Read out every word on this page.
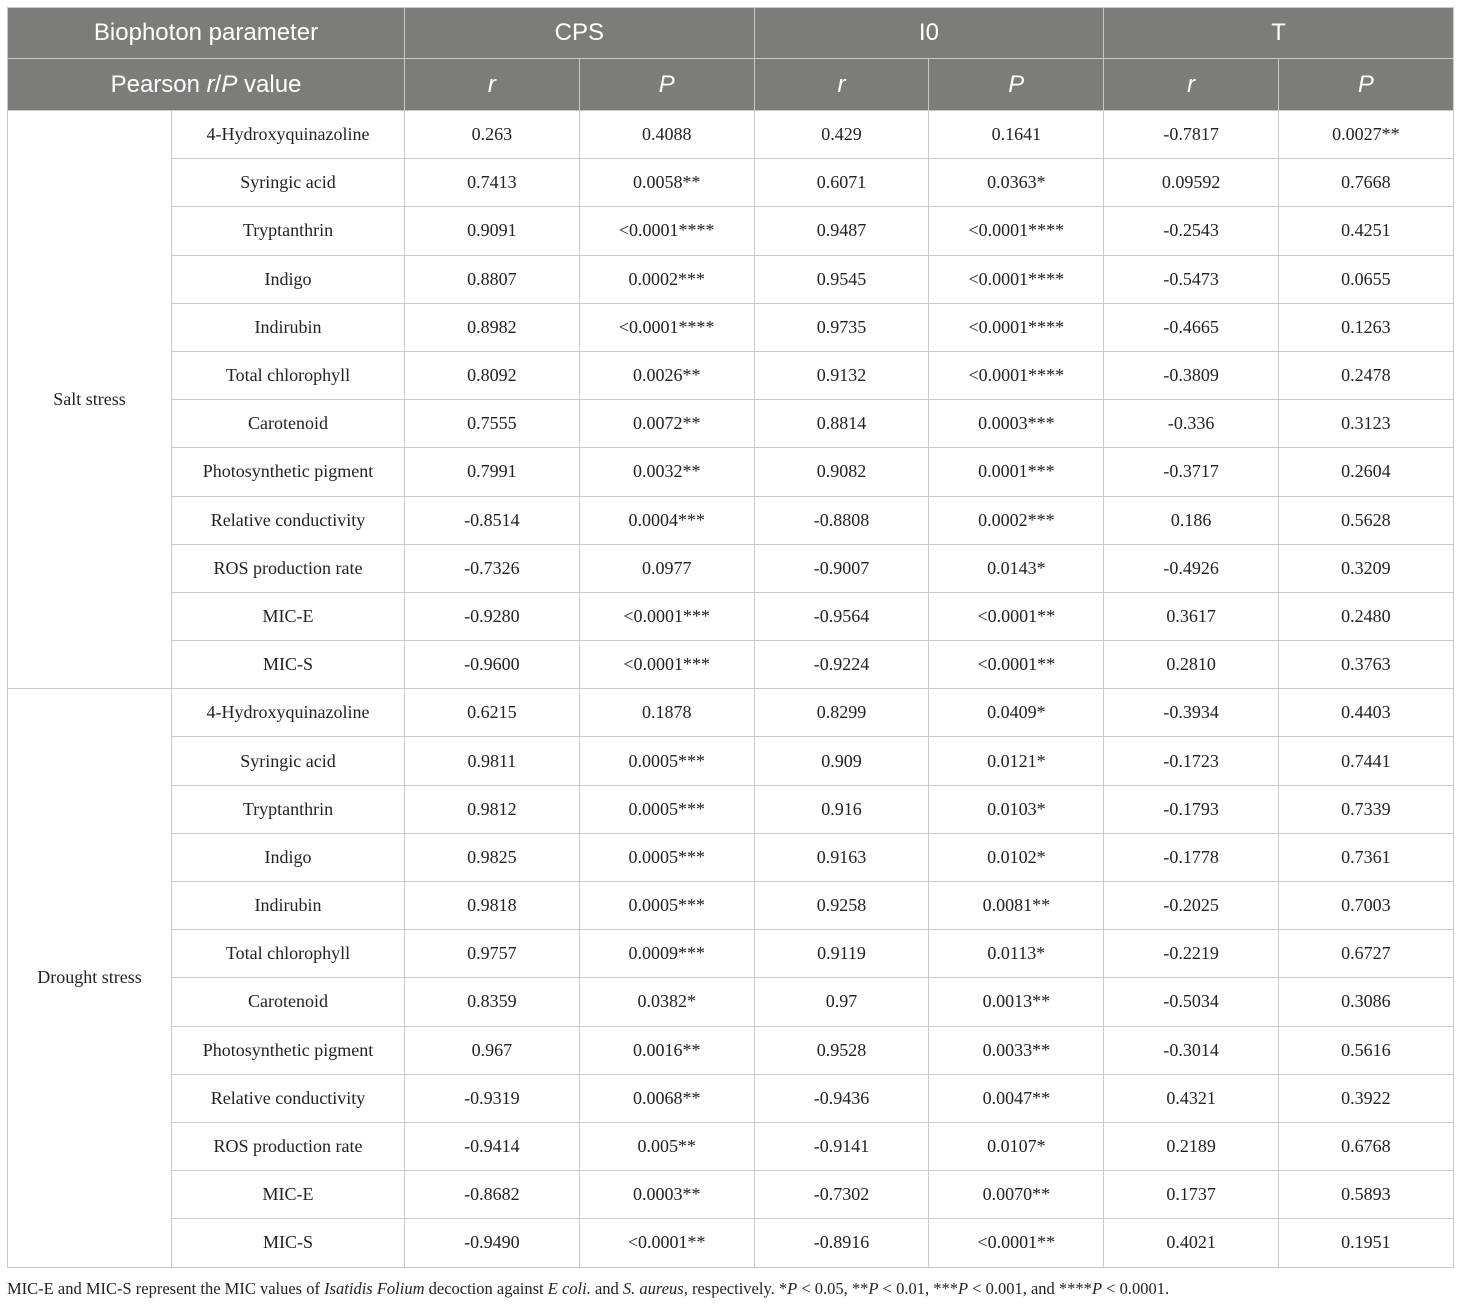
Biophoton parameter		CPS		I0		T	
Pearson r/P value		r	P	r	P	r	P
Salt stress	4-Hydroxyquinazoline	0.263	0.4088	0.429	0.1641	-0.7817	0.0027**
	Syringic acid	0.7413	0.0058**	0.6071	0.0363*	0.09592	0.7668
	Tryptanthrin	0.9091	<0.0001****	0.9487	<0.0001****	-0.2543	0.4251
	Indigo	0.8807	0.0002***	0.9545	<0.0001****	-0.5473	0.0655
	Indirubin	0.8982	<0.0001****	0.9735	<0.0001****	-0.4665	0.1263
	Total chlorophyll	0.8092	0.0026**	0.9132	<0.0001****	-0.3809	0.2478
	Carotenoid	0.7555	0.0072**	0.8814	0.0003***	-0.336	0.3123
	Photosynthetic pigment	0.7991	0.0032**	0.9082	0.0001***	-0.3717	0.2604
	Relative conductivity	-0.8514	0.0004***	-0.8808	0.0002***	0.186	0.5628
	ROS production rate	-0.7326	0.0977	-0.9007	0.0143*	-0.4926	0.3209
	MIC-E	-0.9280	<0.0001***	-0.9564	<0.0001**	0.3617	0.2480
	MIC-S	-0.9600	<0.0001***	-0.9224	<0.0001**	0.2810	0.3763
Drought stress	4-Hydroxyquinazoline	0.6215	0.1878	0.8299	0.0409*	-0.3934	0.4403
	Syringic acid	0.9811	0.0005***	0.909	0.0121*	-0.1723	0.7441
	Tryptanthrin	0.9812	0.0005***	0.916	0.0103*	-0.1793	0.7339
	Indigo	0.9825	0.0005***	0.9163	0.0102*	-0.1778	0.7361
	Indirubin	0.9818	0.0005***	0.9258	0.0081**	-0.2025	0.7003
	Total chlorophyll	0.9757	0.0009***	0.9119	0.0113*	-0.2219	0.6727
	Carotenoid	0.8359	0.0382*	0.97	0.0013**	-0.5034	0.3086
	Photosynthetic pigment	0.967	0.0016**	0.9528	0.0033**	-0.3014	0.5616
	Relative conductivity	-0.9319	0.0068**	-0.9436	0.0047**	0.4321	0.3922
	ROS production rate	-0.9414	0.005**	-0.9141	0.0107*	0.2189	0.6768
	MIC-E	-0.8682	0.0003**	-0.7302	0.0070**	0.1737	0.5893
	MIC-S	-0.9490	<0.0001**	-0.8916	<0.0001**	0.4021	0.1951
MIC-E and MIC-S represent the MIC values of Isatidis Folium decoction against E coli. and S. aureus, respectively. *P < 0.05, **P < 0.01, ***P < 0.001, and ****P < 0.0001.
